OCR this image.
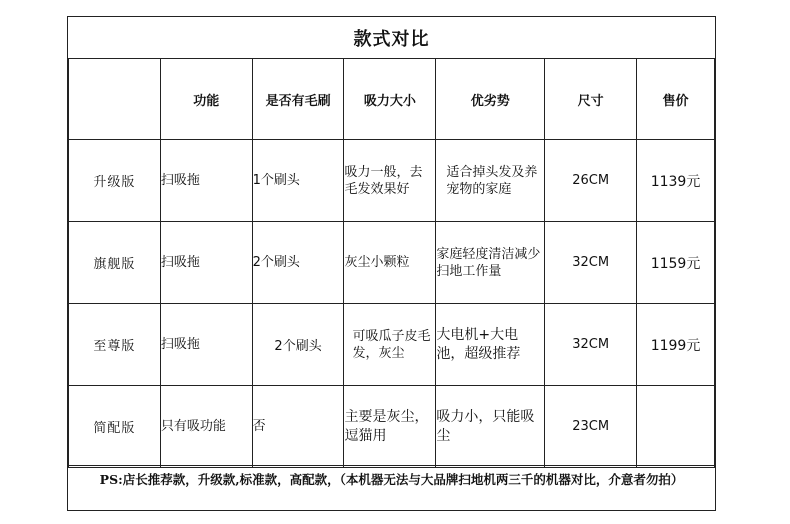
款式对比
	功能	是否有毛刷	吸力大小	优劣势	尺寸	售价
升级版	扫吸拖	1个刷头	吸力一般，去毛发效果好	适合掉头发及养宠物的家庭	26CM	1139元
旗舰版	扫吸拖	2个刷头	灰尘小颗粒	家庭轻度清洁减少扫地工作量	32CM	1159元
至尊版	扫吸拖	2个刷头	可吸瓜子皮毛发，灰尘	大电机+大电池，超级推荐	32CM	1199元
简配版	只有吸功能	否	主要是灰尘，逗猫用	吸力小，只能吸尘	23CM	
PS:店长推荐款，升级款,标准款，高配款，（本机器无法与大品牌扫地机两三千的机器对比，介意者勿拍）
